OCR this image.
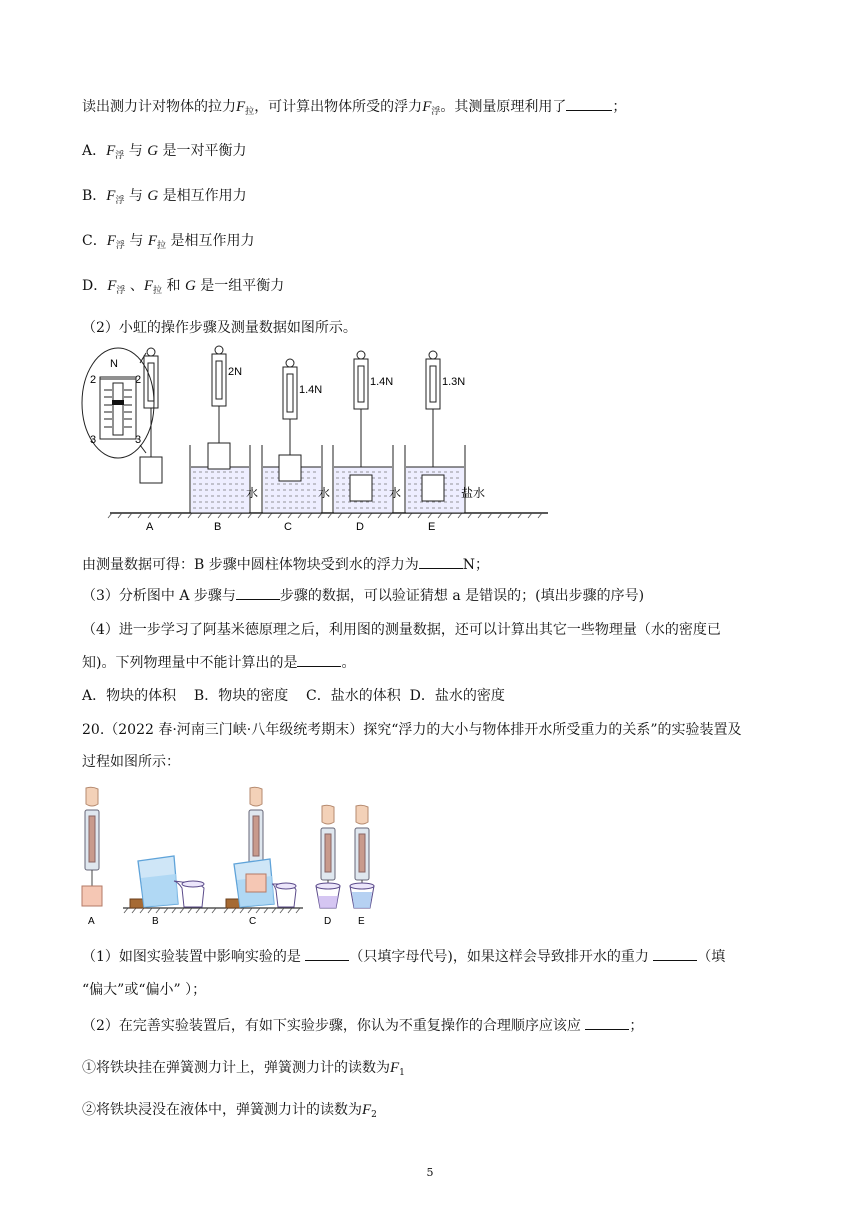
读出测力计对物体的拉力$F_拉$，可计算出物体所受的浮力$F_浮$。其测量原理利用了	；
A．$F_浮$ 与 G 是一对平衡力
B．$F_浮$ 与 G 是相互作用力
C．$F_浮$ 与 $F_拉$ 是相互作用力
D．$F_浮$ 、$F_拉$ 和 G 是一组平衡力
（2）小虹的操作步骤及测量数据如图所示。
N
2	2
3	3
2N
水
1.4N
水
1.4N
水
1.3N
盐水
A	B	C	D	E
由测量数据可得：B 步骤中圆柱体物块受到水的浮力为	N；
（3）分析图中 A 步骤与	步骤的数据，可以验证猜想 a 是错误的；(填出步骤的序号)
（4）进一步学习了阿基米德原理之后，利用图的测量数据，还可以计算出其它一些物理量（水的密度已
知)。下列物理量中不能计算出的是	。
A．物块的体积    B．物块的密度    C．盐水的体积  D．盐水的密度
20.（2022 春·河南三门峡·八年级统考期末）探究“浮力的大小与物体排开水所受重力的关系”的实验装置及
过程如图所示：
A	B	C	D	E
（1）如图实验装置中影响实验的是	（只填字母代号)，如果这样会导致排开水的重力	（填
“偏大”或“偏小” ）；
（2）在完善实验装置后，有如下实验步骤，你认为不重复操作的合理顺序应该应	；
①将铁块挂在弹簧测力计上，弹簧测力计的读数为$F_1$
②将铁块浸没在液体中，弹簧测力计的读数为$F_2$
5
